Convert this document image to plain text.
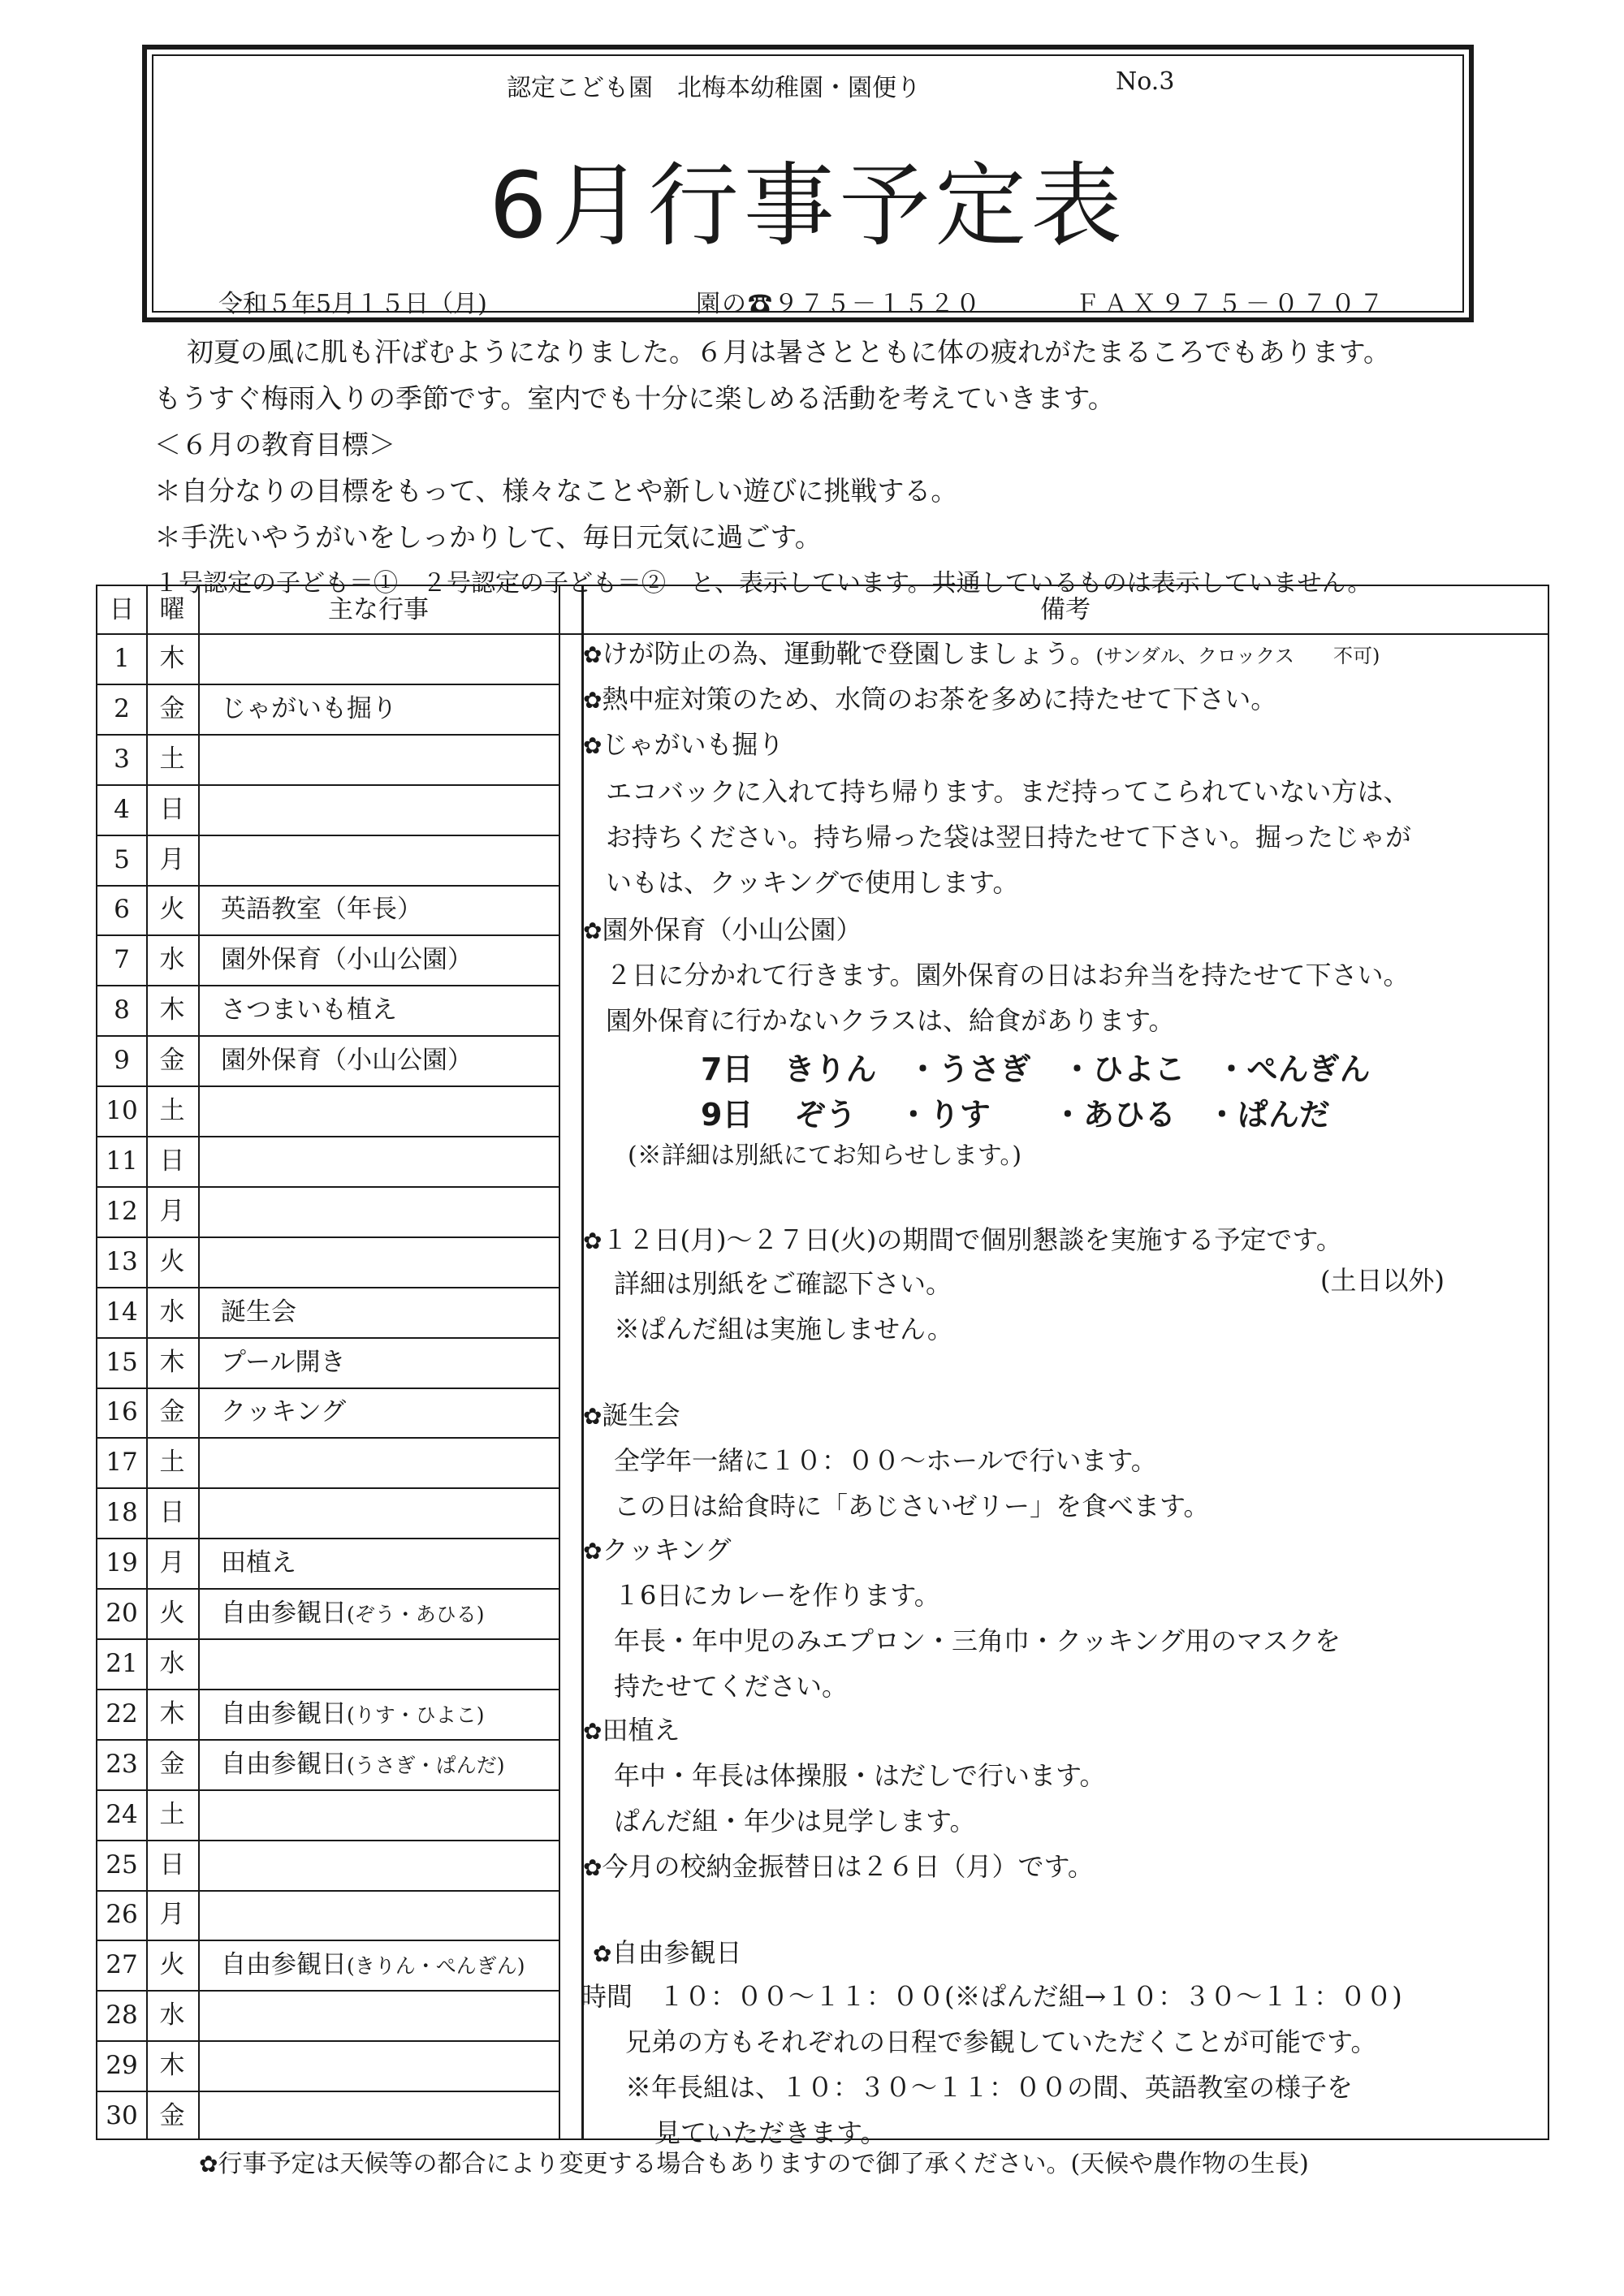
認定こども園　北梅本幼稚園・園便り	No.3
6月行事予定表
令和５年5月１５日（月)	園の☎９７５－１５２０	ＦＡＸ９７５－０７０７
初夏の風に肌も汗ばむようになりました。６月は暑さとともに体の疲れがたまるころでもあります。
もうすぐ梅雨入りの季節です。室内でも十分に楽しめる活動を考えていきます。
＜６月の教育目標＞
＊自分なりの目標をもって、様々なことや新しい遊びに挑戦する。
＊手洗いやうがいをしっかりして、毎日元気に過ごす。
１号認定の子ども＝①　２号認定の子ども＝②　と、表示しています。共通しているものは表示していません。
日	曜	主な行事	備考
1	木
2	金	じゃがいも掘り
3	土
4	日
5	月
6	火	英語教室（年長）
7	水	園外保育（小山公園）
8	木	さつまいも植え
9	金	園外保育（小山公園）
10 土
11 日
12 月
13 火
14 水	誕生会
15 木	プール開き
16 金	クッキング
17 土
18 日
19 月	田植え
20 火	自由参観日(ぞう・あひる)
21 水
22 木	自由参観日(りす・ひよこ)
23 金	自由参観日(うさぎ・ぱんだ)
24 土
25 日
26 月
27 火	自由参観日(きりん・ぺんぎん)
28 水
29 木
30 金
✿けが防止の為、運動靴で登園しましょう。(サンダル、クロックス　　不可)
✿熱中症対策のため、水筒のお茶を多めに持たせて下さい。
✿じゃがいも掘り
エコバックに入れて持ち帰ります。まだ持ってこられていない方は、
お持ちください。持ち帰った袋は翌日持たせて下さい。掘ったじゃが
いもは、クッキングで使用します。
✿園外保育（小山公園）
２日に分かれて行きます。園外保育の日はお弁当を持たせて下さい。
園外保育に行かないクラスは、給食があります。
7日　きりん　・うさぎ　・ひよこ　・ぺんぎん
9日　 ぞう　 ・りす　　・あひる　・ぱんだ
(※詳細は別紙にてお知らせします。)
✿１２日(月)～２７日(火)の期間で個別懇談を実施する予定です。
詳細は別紙をご確認下さい。	(土日以外)
※ぱんだ組は実施しません。
✿誕生会
全学年一緒に１０：００～ホールで行います。
この日は給食時に「あじさいゼリー」を食べます。
✿クッキング
１6日にカレーを作ります。
年長・年中児のみエプロン・三角巾・クッキング用のマスクを
持たせてください。
✿田植え
年中・年長は体操服・はだしで行います。
ぱんだ組・年少は見学します。
✿今月の校納金振替日は２６日（月）です。
✿自由参観日
時間　１０：００～１１：００(※ぱんだ組→１０：３０～１１：００)
兄弟の方もそれぞれの日程で参観していただくことが可能です。
※年長組は、１０：３０～１１：００の間、英語教室の様子を
見ていただきます。
✿行事予定は天候等の都合により変更する場合もありますので御了承ください。(天候や農作物の生長)
